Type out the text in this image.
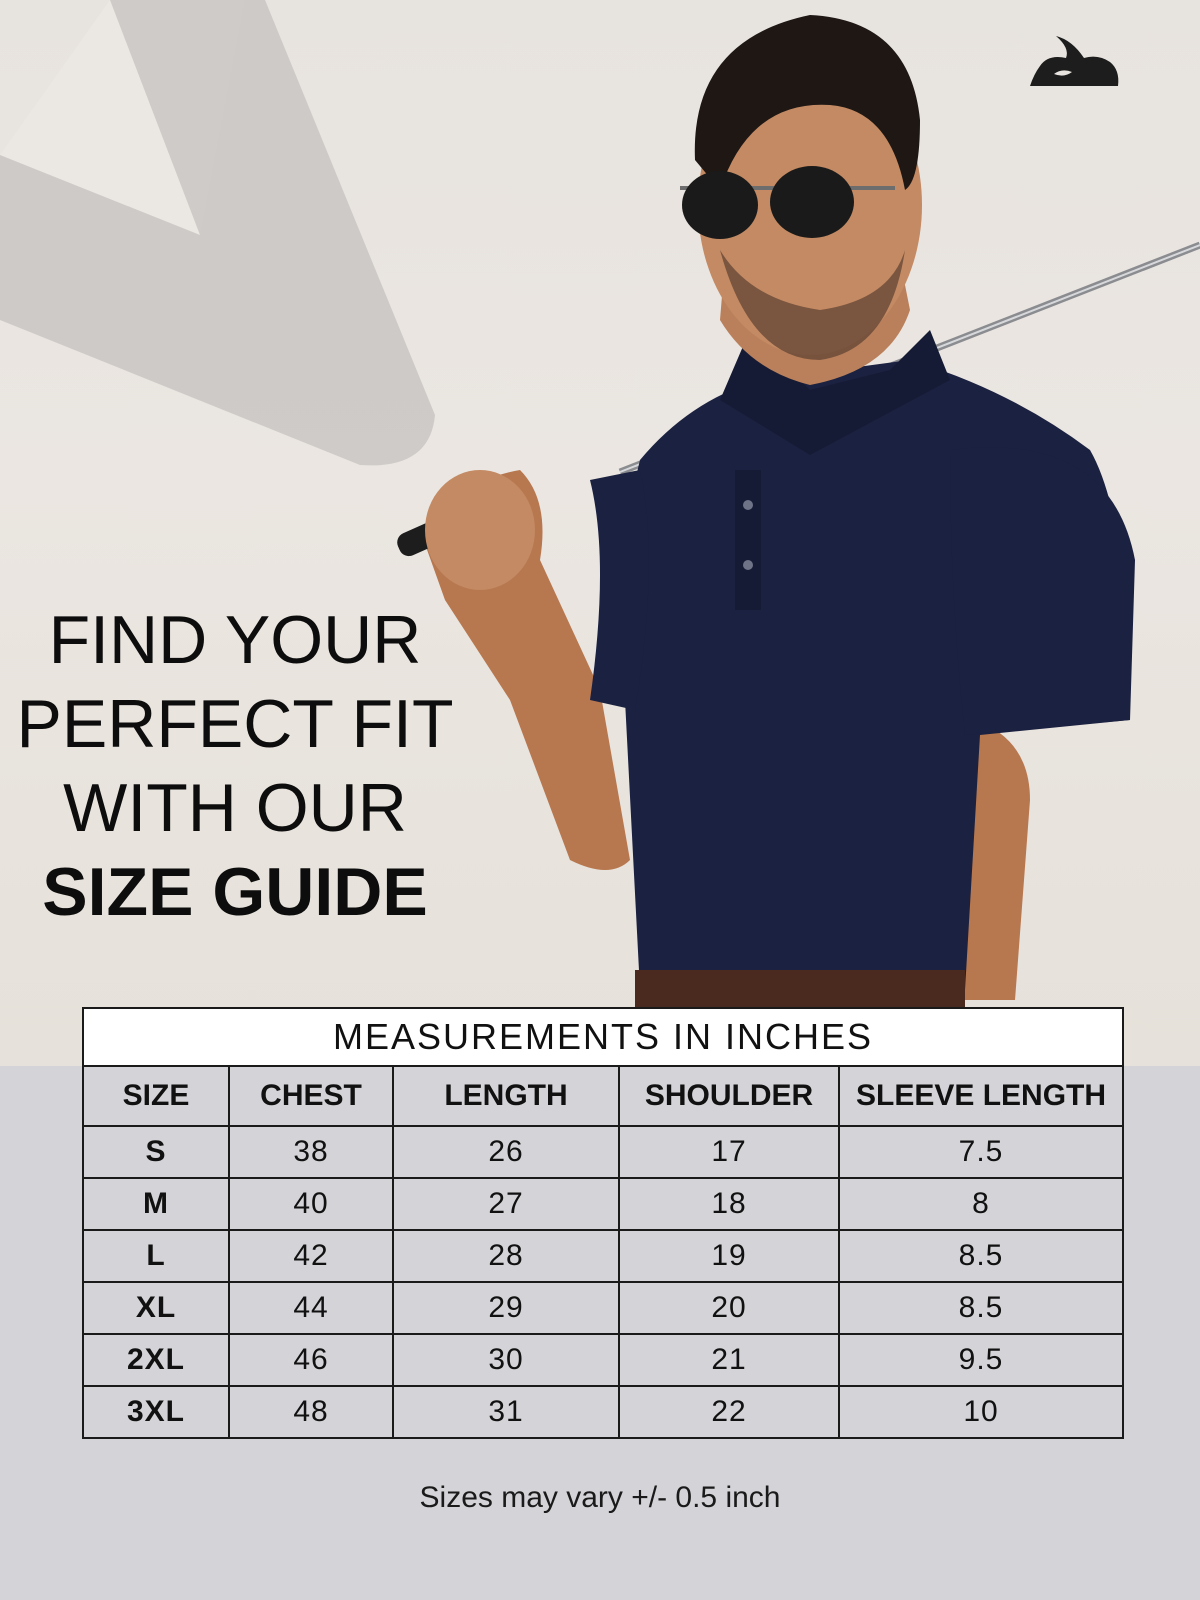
FIND YOUR
PERFECT FIT
WITH OUR
SIZE GUIDE
MEASUREMENTS IN INCHES				
SIZE	CHEST	LENGTH	SHOULDER	SLEEVE LENGTH
S	38	26	17	7.5
M	40	27	18	8
L	42	28	19	8.5
XL	44	29	20	8.5
2XL	46	30	21	9.5
3XL	48	31	22	10
Sizes may vary +/- 0.5 inch
